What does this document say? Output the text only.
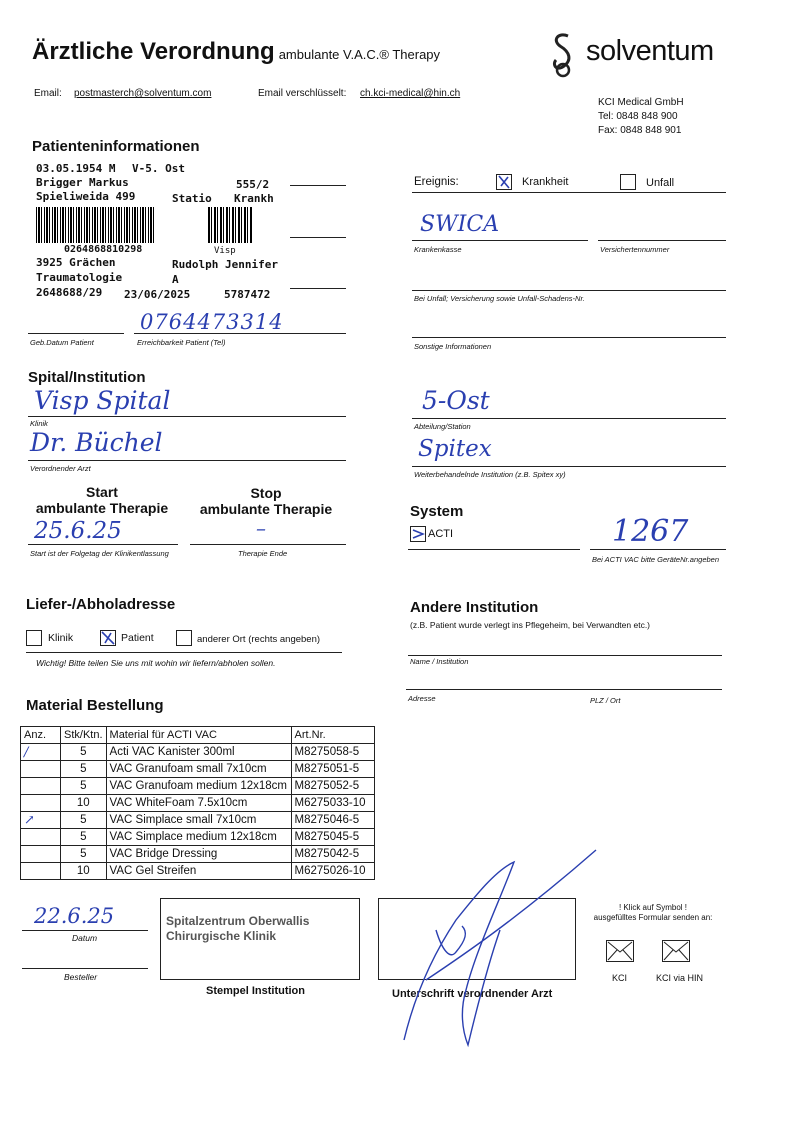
Ärztliche Verordnung ambulante V.A.C.® Therapy	solventum
Email: postmasterch@solventum.com	Email verschlüsselt: ch.kci-medical@hin.ch
KCI Medical GmbH
Tel: 0848 848 900
Fax: 0848 848 901
Patienteninformationen
03.05.1954 M V-5. Ost
Brigger Markus	555/2
Spieliweida 499	Statio Krankh
0264868810298	Visp
3925 Grächen	Rudolph Jennifer
Traumatologie	A
2648688/29 23/06/2025	5787472
0764473314
Geb.Datum Patient	Erreichbarkeit Patient (Tel)
Ereignis:	Krankheit	Unfall
SWICA
Krankenkasse	Versichertennummer
Bei Unfall; Versicherung sowie Unfall-Schadens-Nr.
Sonstige Informationen
Spital/Institution
Visp Spital
Klinik
Dr. Büchel
Verordnender Arzt
5-Ost
Abteilung/Station
Spitex
Weiterbehandelnde Institution (z.B. Spitex xy)
Start
ambulante Therapie
Stop
ambulante Therapie
25.6.25	–
Start ist der Folgetag der Klinikentlassung	Therapie Ende
System
ACTI	1267
Bei ACTI VAC bitte GeräteNr.angeben
Liefer-/Abholadresse
Klinik	Patient	anderer Ort (rechts angeben)
Wichtig! Bitte teilen Sie uns mit wohin wir liefern/abholen sollen.
Andere Institution
(z.B. Patient wurde verlegt ins Pflegeheim, bei Verwandten etc.)
Name / Institution
Adresse	PLZ / Ort
Material Bestellung
Anz.	Stk/Ktn.	Material für ACTI VAC	Art.Nr.
/	5	Acti VAC Kanister 300ml	M8275058-5
	5	VAC Granufoam small 7x10cm	M8275051-5
	5	VAC Granufoam medium 12x18cm	M8275052-5
	10	VAC WhiteFoam 7.5x10cm	M6275033-10
↗	5	VAC Simplace small 7x10cm	M8275046-5
	5	VAC Simplace medium 12x18cm	M8275045-5
	5	VAC Bridge Dressing	M8275042-5
	10	VAC Gel Streifen	M6275026-10
22.6.25
Datum
Besteller
Spitalzentrum Oberwallis
Chirurgische Klinik
Stempel Institution	Unterschrift verordnender Arzt
! Klick auf Symbol !
ausgefülltes Formular senden an:
KCI	KCI via HIN
